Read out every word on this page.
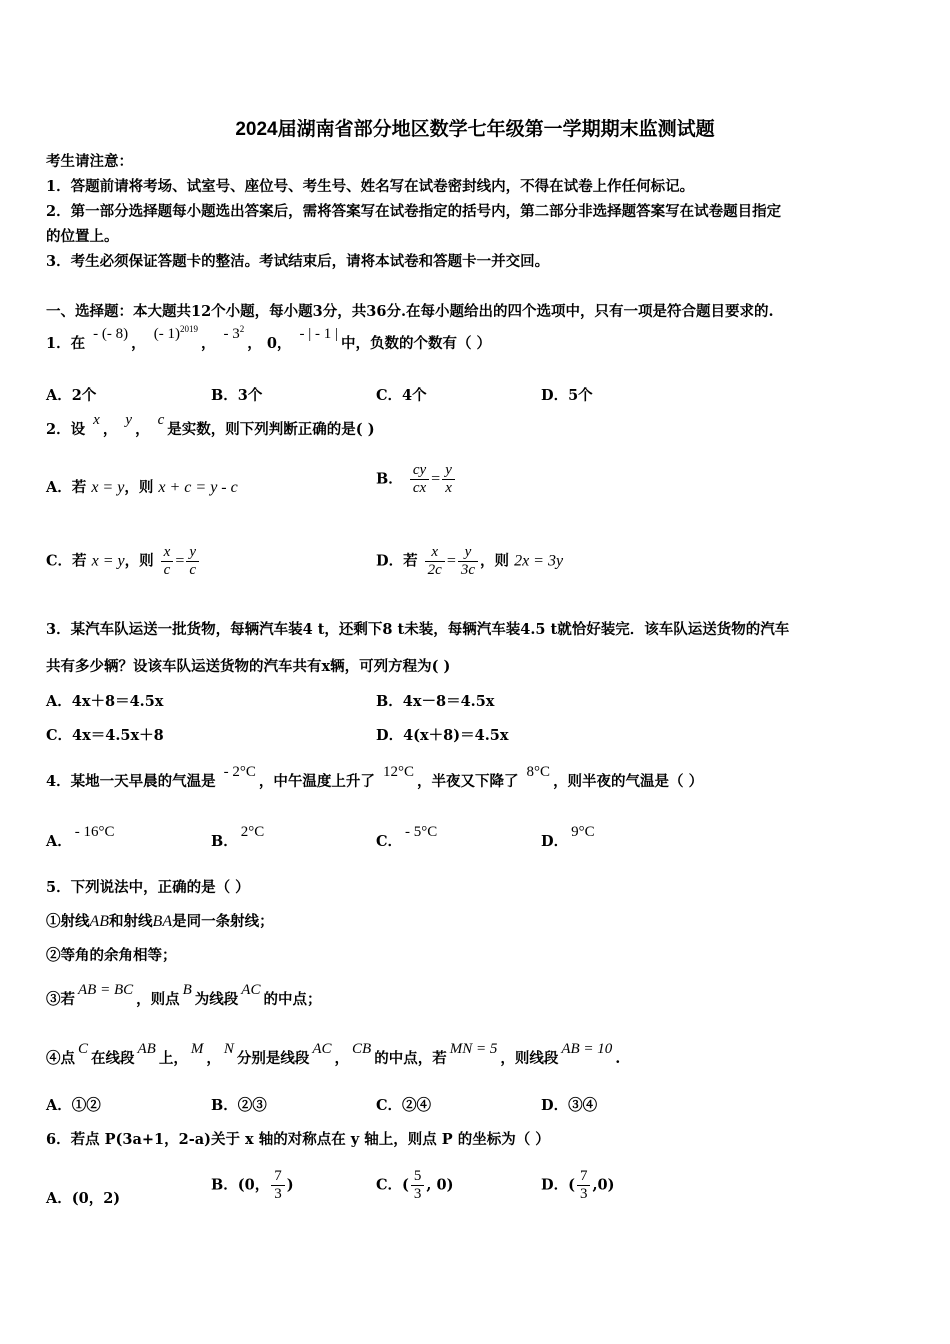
2024届湖南省部分地区数学七年级第一学期期末监测试题
考生请注意：
1．答题前请将考场、试室号、座位号、考生号、姓名写在试卷密封线内，不得在试卷上作任何标记。
2．第一部分选择题每小题选出答案后，需将答案写在试卷指定的括号内，第二部分非选择题答案写在试卷题目指定
的位置上。
3．考生必须保证答题卡的整洁。考试结束后，请将本试卷和答题卡一并交回。
一、选择题：本大题共12个小题，每小题3分，共36分.在每小题给出的四个选项中，只有一项是符合题目要求的.
1．在 - (- 8)， (- 1)$^{2019}$， - $3^2$， 0， - | - 1 |中，负数的个数有（ ）
A．2个	B．3个	C．4个	D．5个
2．设 x， y， c是实数，则下列判断正确的是( )
A．若 x = y，则 x + c = y - c	B． $\frac{cy}{cx} = \frac{y}{x}$
C．若 x = y，则 $\frac{x}{c} = \frac{y}{c}$	D．若 $\frac{x}{2c} = \frac{y}{3c}$ ，则 2x = 3y
3．某汽车队运送一批货物，每辆汽车装4 t，还剩下8 t未装，每辆汽车装4.5 t就恰好装完．该车队运送货物的汽车
共有多少辆？设该车队运送货物的汽车共有x辆，可列方程为( )
A．4x＋8＝4.5x	B．4x－8＝4.5x
C．4x＝4.5x＋8	D．4(x＋8)＝4.5x
4．某地一天早晨的气温是 - 2°C，中午温度上升了 12°C，半夜又下降了 8°C，则半夜的气温是（ ）
A．- 16°C
B．2°C
C．- 5°C
D．9°C
5．下列说法中，正确的是（ ）
①射线AB和射线BA是同一条射线；
②等角的余角相等；
③若AB = BC，则点B为线段AC的中点；
④点C在线段AB上，M，N分别是线段AC，CB的中点，若MN = 5，则线段AB = 10.
A．①②	B．②③	C．②④	D．③④
6．若点 P(3a+1，2-a)关于 x 轴的对称点在 y 轴上，则点 P 的坐标为（ ）
A．(0，2)
B．(0， $\frac{7}{3}$ )	C．( $\frac{5}{3}$ , 0)	D．( $\frac{7}{3} ,0$)
